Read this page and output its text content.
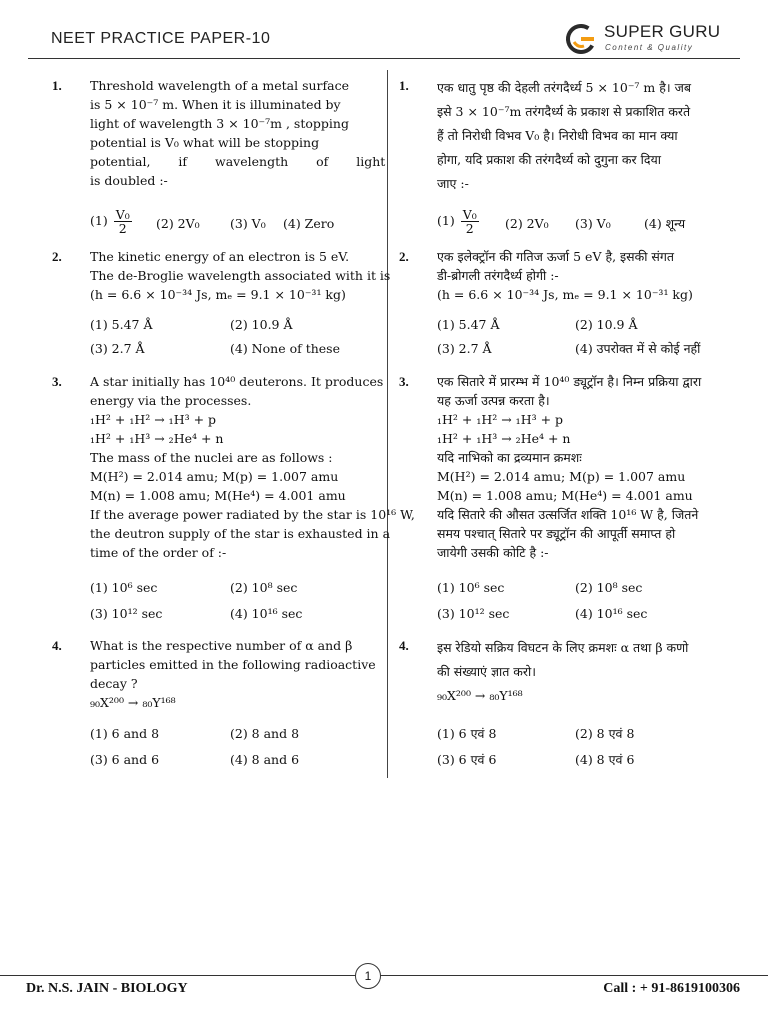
NEET PRACTICE PAPER-10	SUPER GURU
Content & Quality
1. Threshold wavelength of a metal surface
is 5 × 10⁻⁷ m. When it is illuminated by
light of wavelength 3 × 10⁻⁷m , stopping
potential is V₀ what will be stopping
potential, if wavelength of light
is doubled :-
$(1) \frac{\text{V₀}}{2} (2)$ 2V₀ (3) V₀ (4) Zero
2. The kinetic energy of an electron is 5 eV.
The de-Broglie wavelength associated with it is
(h = 6.6 × 10⁻³⁴ Js, mₑ = 9.1 × 10⁻³¹ kg)
(1) 5.47 Å	(2) 10.9 Å
(3) 2.7 Å	(4) None of these
3. A star initially has 10⁴⁰ deuterons. It produces
energy via the processes.
₁H² + ₁H² → ₁H³ + p
₁H² + ₁H³ → ₂He⁴ + n
The mass of the nuclei are as follows :
M(H²) = 2.014 amu; M(p) = 1.007 amu
M(n) = 1.008 amu; M(He⁴) = 4.001 amu
If the average power radiated by the star is 10¹⁶ W,
the deutron supply of the star is exhausted in a
time of the order of :-
(1) 10⁶ sec	(2) 10⁸ sec
(3) 10¹² sec	(4) 10¹⁶ sec
4. What is the respective number of α and β
particles emitted in the following radioactive
decay ?
₉₀X²⁰⁰ → ₈₀Y¹⁶⁸
(1) 6 and 8	(2) 8 and 8
(3) 6 and 6	(4) 8 and 6
1. एक धातु पृष्ठ की देहली तरंगदैर्ध्य 5 × 10⁻⁷ m है। जब
इसे 3 × 10⁻⁷m तरंगदैर्ध्य के प्रकाश से प्रकाशित करते
हैं तो निरोधी विभव V₀ है। निरोधी विभव का मान क्या
होगा, यदि प्रकाश की तरंगदैर्ध्य को दुगुना कर दिया
जाए :-
$(1) \frac{\text{V₀}}{2} (2)$ 2V₀ (3) V₀	(4) शून्य
2. एक इलेक्ट्रॉन की गतिज ऊर्जा 5 eV है, इसकी संगत
डी-ब्रोगली तरंगदैर्ध्य होगी :-
(h = 6.6 × 10⁻³⁴ Js, mₑ = 9.1 × 10⁻³¹ kg)
(1) 5.47 Å	(2) 10.9 Å
(3) 2.7 Å	(4) उपरोक्त में से कोई नहीं
3. एक सितारे में प्रारम्भ में 10⁴⁰ ड्यूट्रॉन है। निम्न प्रक्रिया द्वारा
यह ऊर्जा उत्पन्न करता है।
₁H² + ₁H² → ₁H³ + p
₁H² + ₁H³ → ₂He⁴ + n
यदि नाभिको का द्रव्यमान क्रमशः
M(H²) = 2.014 amu; M(p) = 1.007 amu
M(n) = 1.008 amu; M(He⁴) = 4.001 amu
यदि सितारे की औसत उत्सर्जित शक्ति 10¹⁶ W है, जितने
समय पश्चात् सितारे पर ड्यूट्रॉन की आपूर्ती समाप्त हो
जायेगी उसकी कोटि है :-
(1) 10⁶ sec	(2) 10⁸ sec
(3) 10¹² sec	(4) 10¹⁶ sec
4. इस रेडियो सक्रिय विघटन के लिए क्रमशः α तथा β कणो
की संख्याएं ज्ञात करो।
₉₀X²⁰⁰ → ₈₀Y¹⁶⁸
(1) 6 एवं 8	(2) 8 एवं 8
(3) 6 एवं 6	(4) 8 एवं 6
1
Dr. N.S. JAIN - BIOLOGY	Call : + 91-8619100306
